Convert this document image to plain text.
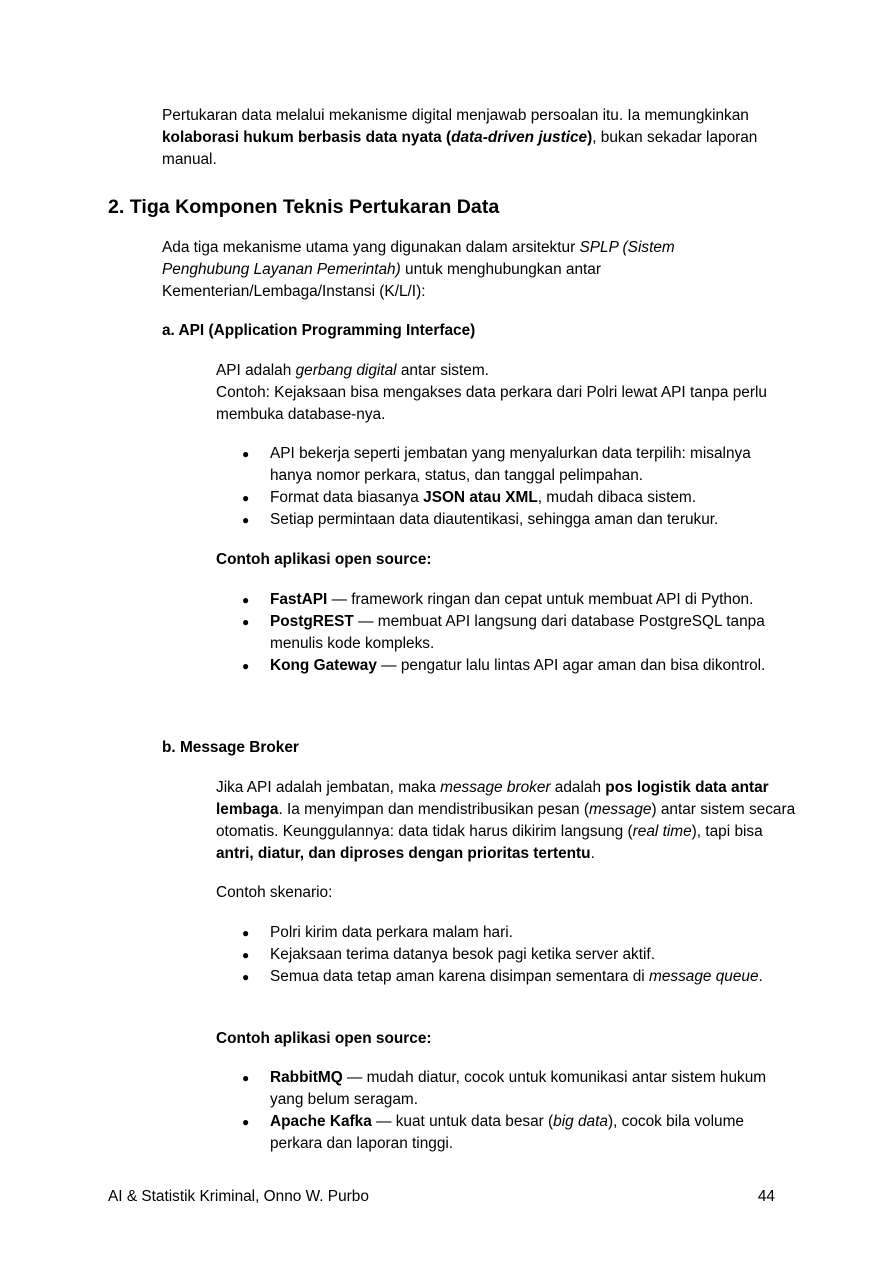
Pertukaran data melalui mekanisme digital menjawab persoalan itu. Ia memungkinkan kolaborasi hukum berbasis data nyata (data-driven justice), bukan sekadar laporan manual.

2. Tiga Komponen Teknis Pertukaran Data

Ada tiga mekanisme utama yang digunakan dalam arsitektur SPLP (Sistem Penghubung Layanan Pemerintah) untuk menghubungkan antar Kementerian/Lembaga/Instansi (K/L/I):

a. API (Application Programming Interface)

API adalah gerbang digital antar sistem.
Contoh: Kejaksaan bisa mengakses data perkara dari Polri lewat API tanpa perlu membuka database-nya.

● API bekerja seperti jembatan yang menyalurkan data terpilih: misalnya hanya nomor perkara, status, dan tanggal pelimpahan.
● Format data biasanya JSON atau XML, mudah dibaca sistem.
● Setiap permintaan data diautentikasi, sehingga aman dan terukur.
Contoh aplikasi open source:
● FastAPI — framework ringan dan cepat untuk membuat API di Python.
● PostgREST — membuat API langsung dari database PostgreSQL tanpa menulis kode kompleks.
● Kong Gateway — pengatur lalu lintas API agar aman dan bisa dikontrol.
b. Message Broker

Jika API adalah jembatan, maka message broker adalah pos logistik data antar lembaga. Ia menyimpan dan mendistribusikan pesan (message) antar sistem secara otomatis. Keunggulannya: data tidak harus dikirim langsung (real time), tapi bisa antri, diatur, dan diproses dengan prioritas tertentu.

Contoh skenario:

● Polri kirim data perkara malam hari.
● Kejaksaan terima datanya besok pagi ketika server aktif.
● Semua data tetap aman karena disimpan sementara di message queue.
Contoh aplikasi open source:
● RabbitMQ — mudah diatur, cocok untuk komunikasi antar sistem hukum yang belum seragam.
● Apache Kafka — kuat untuk data besar (big data), cocok bila volume perkara dan laporan tinggi.
AI & Statistik Kriminal, Onno W. Purbo	44
